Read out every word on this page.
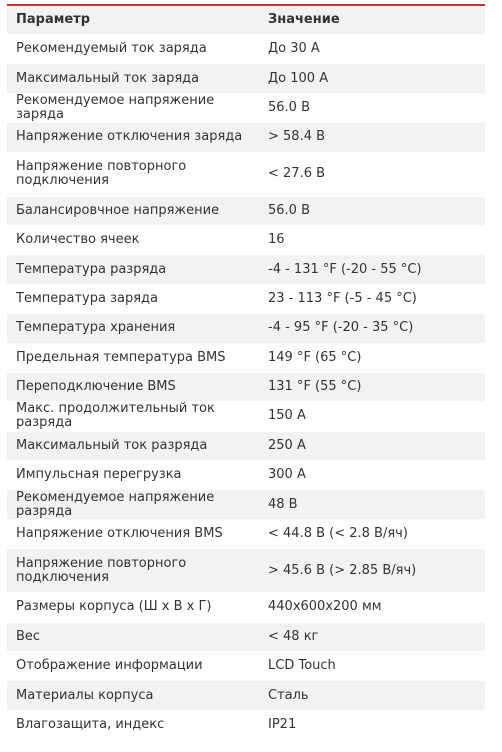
Параметр	Значение
Рекомендуемый ток заряда	До 30 А
Максимальный ток заряда	До 100 А
Рекомендуемое напряжение заряда	56.0 В
Напряжение отключения заряда	> 58.4 В
Напряжение повторного подключения	< 27.6 В
Балансировчное напряжение	56.0 В
Количество ячеек	16
Температура разряда	-4 - 131 °F (-20 - 55 °C)
Температура заряда	23 - 113 °F (-5 - 45 °C)
Температура хранения	-4 - 95 °F (-20 - 35 °C)
Предельная температура BMS	149 °F (65 °C)
Переподключение BMS	131 °F (55 °C)
Макс. продолжительный ток разряда	150 А
Максимальный ток разряда	250 А
Импульсная перегрузка	300 А
Рекомендуемое напряжение разряда	48 В
Напряжение отключения BMS	< 44.8 В (< 2.8 В/яч)
Напряжение повторного подключения	> 45.6 В (> 2.85 В/яч)
Размеры корпуса (Ш х В х Г)	440х600х200 мм
Вес	< 48 кг
Отображение информации	LCD Touch
Материалы корпуса	Сталь
Влагозащита, индекс	IP21
